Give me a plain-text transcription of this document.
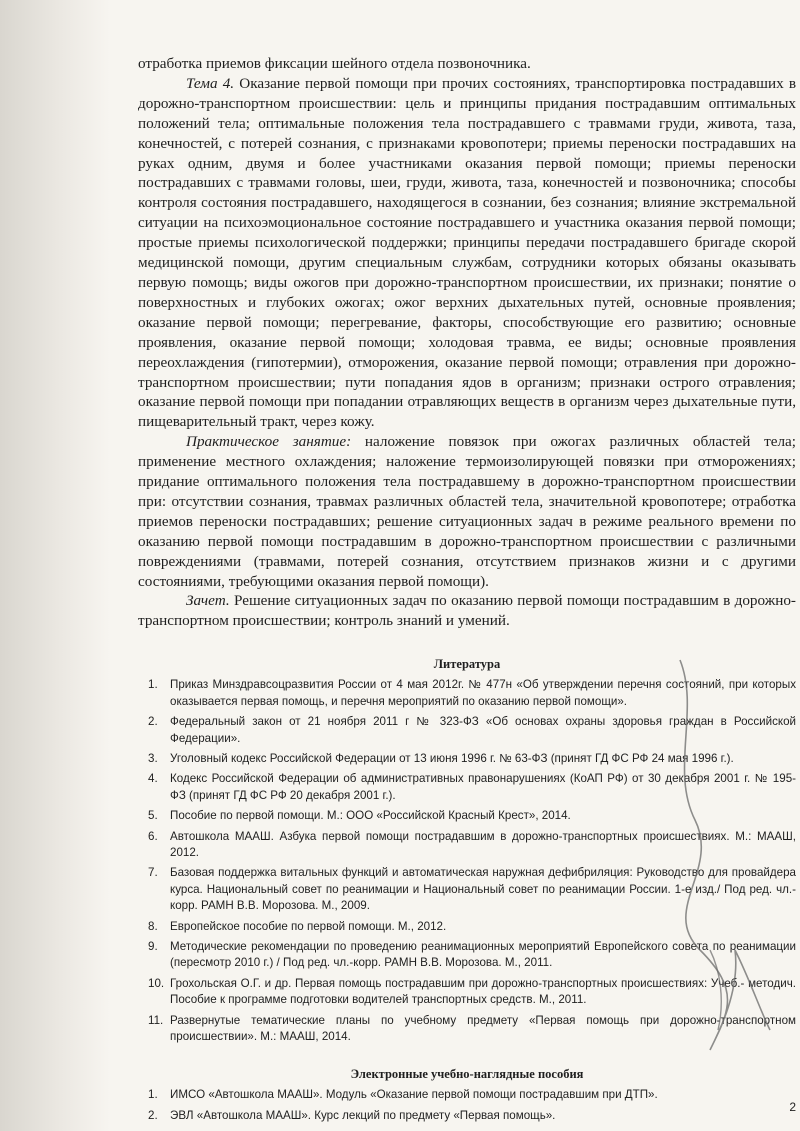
отработка приемов фиксации шейного отдела позвоночника.

Тема 4. Оказание первой помощи при прочих состояниях, транспортировка пострадавших в дорожно-транспортном происшествии: цель и принципы придания пострадавшим оптимальных положений тела; оптимальные положения тела пострадавшего с травмами груди, живота, таза, конечностей, с потерей сознания, с признаками кровопотери; приемы переноски пострадавших на руках одним, двумя и более участниками оказания первой помощи; приемы переноски пострадавших с травмами головы, шеи, груди, живота, таза, конечностей и позвоночника; способы контроля состояния пострадавшего, находящегося в сознании, без сознания; влияние экстремальной ситуации на психоэмоциональное состояние пострадавшего и участника оказания первой помощи; простые приемы психологической поддержки; принципы передачи пострадавшего бригаде скорой медицинской помощи, другим специальным службам, сотрудники которых обязаны оказывать первую помощь; виды ожогов при дорожно-транспортном происшествии, их признаки; понятие о поверхностных и глубоких ожогах; ожог верхних дыхательных путей, основные проявления; оказание первой помощи; перегревание, факторы, способствующие его развитию; основные проявления, оказание первой помощи; холодовая травма, ее виды; основные проявления переохлаждения (гипотермии), отморожения, оказание первой помощи; отравления при дорожно-транспортном происшествии; пути попадания ядов в организм; признаки острого отравления; оказание первой помощи при попадании отравляющих веществ в организм через дыхательные пути, пищеварительный тракт, через кожу.

Практическое занятие: наложение повязок при ожогах различных областей тела; применение местного охлаждения; наложение термоизолирующей повязки при отморожениях; придание оптимального положения тела пострадавшему в дорожно-транспортном происшествии при: отсутствии сознания, травмах различных областей тела, значительной кровопотере; отработка приемов переноски пострадавших; решение ситуационных задач в режиме реального времени по оказанию первой помощи пострадавшим в дорожно-транспортном происшествии с различными повреждениями (травмами, потерей сознания, отсутствием признаков жизни и с другими состояниями, требующими оказания первой помощи).

Зачет. Решение ситуационных задач по оказанию первой помощи пострадавшим в дорожно-транспортном происшествии; контроль знаний и умений.

Литература
1.	Приказ Минздравсоцразвития России от 4 мая 2012г. № 477н «Об утверждении перечня состояний, при которых оказывается первая помощь, и перечня мероприятий по оказанию первой помощи».
2.	Федеральный закон от 21 ноября 2011 г № 323-ФЗ «Об основах охраны здоровья граждан в Российской Федерации».
3.	Уголовный кодекс Российской Федерации от 13 июня 1996 г. № 63-ФЗ (принят ГД ФС РФ 24 мая 1996 г.).
4.	Кодекс Российской Федерации об административных правонарушениях (КоАП РФ) от 30 декабря 2001 г. № 195- ФЗ (принят ГД ФС РФ 20 декабря 2001 г.).
5.	Пособие по первой помощи. М.: ООО «Российской Красный Крест», 2014.
6.	Автошкола МААШ. Азбука первой помощи пострадавшим в дорожно-транспортных происшествиях. М.: МААШ, 2012.
7.	Базовая поддержка витальных функций и автоматическая наружная дефибриляция: Руководство для провайдера курса. Национальный совет по реанимации и Национальный совет по реанимации России. 1-е изд./ Под ред. чл.-корр. РАМН В.В. Морозова. М., 2009.
8.	Европейское пособие по первой помощи. М., 2012.
9.	Методические рекомендации по проведению реанимационных мероприятий Европейского совета по реанимации (пересмотр 2010 г.) / Под ред. чл.-корр. РАМН В.В. Морозова. М., 2011.
10. Грохольская О.Г. и др. Первая помощь пострадавшим при дорожно-транспортных происшествиях: Учеб.- методич. Пособие к программе подготовки водителей транспортных средств. М., 2011.
11. Развернутые тематические планы по учебному предмету «Первая помощь при дорожно-транспортном происшествии». М.: МААШ, 2014.
Электронные учебно-наглядные пособия
1.	ИМСО «Автошкола МААШ». Модуль «Оказание первой помощи пострадавшим при ДТП».
2.	ЭВЛ «Автошкола МААШ». Курс лекций по предмету «Первая помощь».
2
